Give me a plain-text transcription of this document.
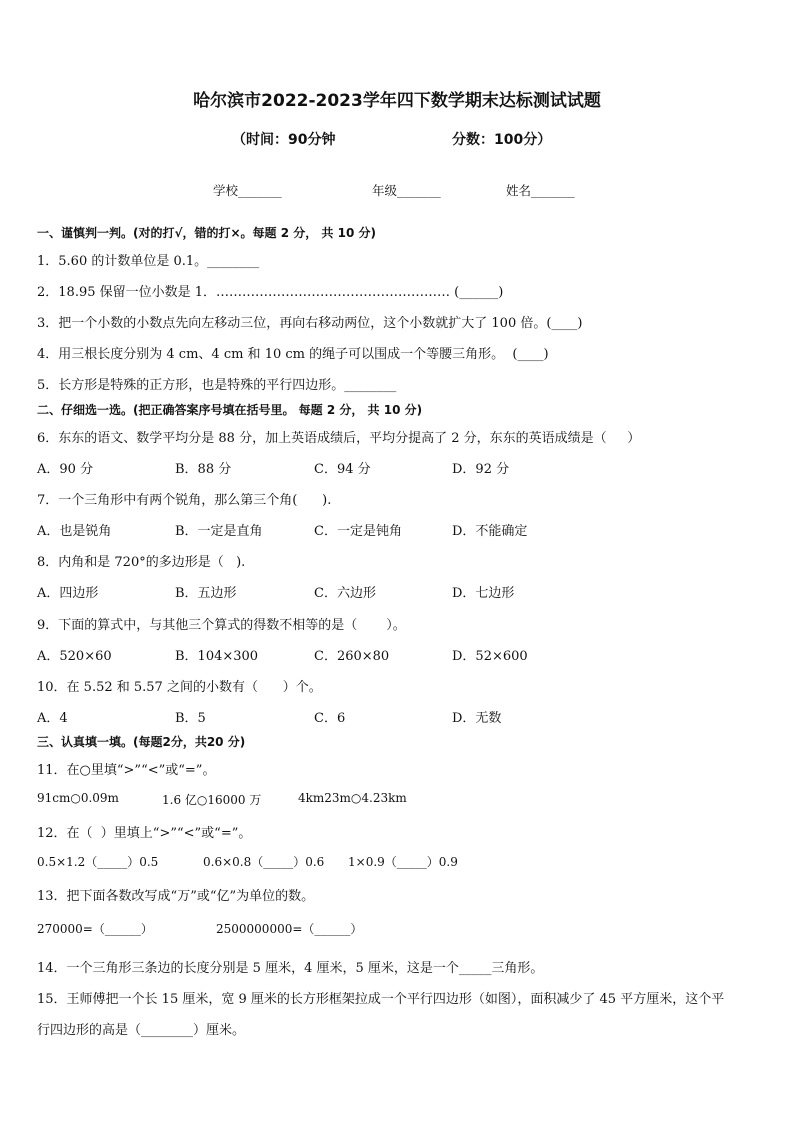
哈尔滨市2022-2023学年四下数学期末达标测试试题
（时间：90分钟	分数：100分）
学校_______	年级_______	姓名_______
一、谨慎判一判。(对的打√，错的打×。每题 2 分， 共 10 分)
1．5.60 的计数单位是 0.1。________
2．18.95 保留一位小数是 1．……………………………………………… (______)
3．把一个小数的小数点先向左移动三位，再向右移动两位，这个小数就扩大了 100 倍。(____)
4．用三根长度分别为 4 cm、4 cm 和 10 cm 的绳子可以围成一个等腰三角形。  (____)
5．长方形是特殊的正方形，也是特殊的平行四边形。________
二、仔细选一选。(把正确答案序号填在括号里。 每题 2 分， 共 10 分)
6．东东的语文、数学平均分是 88 分，加上英语成绩后，平均分提高了 2 分，东东的英语成绩是（     ）
A．90 分	B．88 分	C．94 分	D．92 分
7．一个三角形中有两个锐角，那么第三个角(      ).
A．也是锐角	B．一定是直角	C．一定是钝角	D．不能确定
8．内角和是 720°的多边形是（   ).
A．四边形	B．五边形	C．六边形	D．七边形
9．下面的算式中，与其他三个算式的得数不相等的是（       ）。
A．520×60	B．104×300	C．260×80	D．52×600
10．在 5.52 和 5.57 之间的小数有（      ）个。
A．4	B．5	C．6	D．无数
三、认真填一填。(每题2分，共20 分)
11．在○里填“>”“<”或“=”。
91cm○0.09m	1.6 亿○16000 万	4km23m○4.23km
12．在（  ）里填上“>”“<”或“=”。
0.5×1.2（_____）0.5	0.6×0.8（_____）0.6 1×0.9（_____）0.9
13．把下面各数改写成“万”或“亿”为单位的数。
270000=（______）	2500000000=（______）
14．一个三角形三条边的长度分别是 5 厘米，4 厘米，5 厘米，这是一个_____三角形。
15．王师傅把一个长 15 厘米，宽 9 厘米的长方形框架拉成一个平行四边形（如图），面积减少了 45 平方厘米，这个平
行四边形的高是（________）厘米。
